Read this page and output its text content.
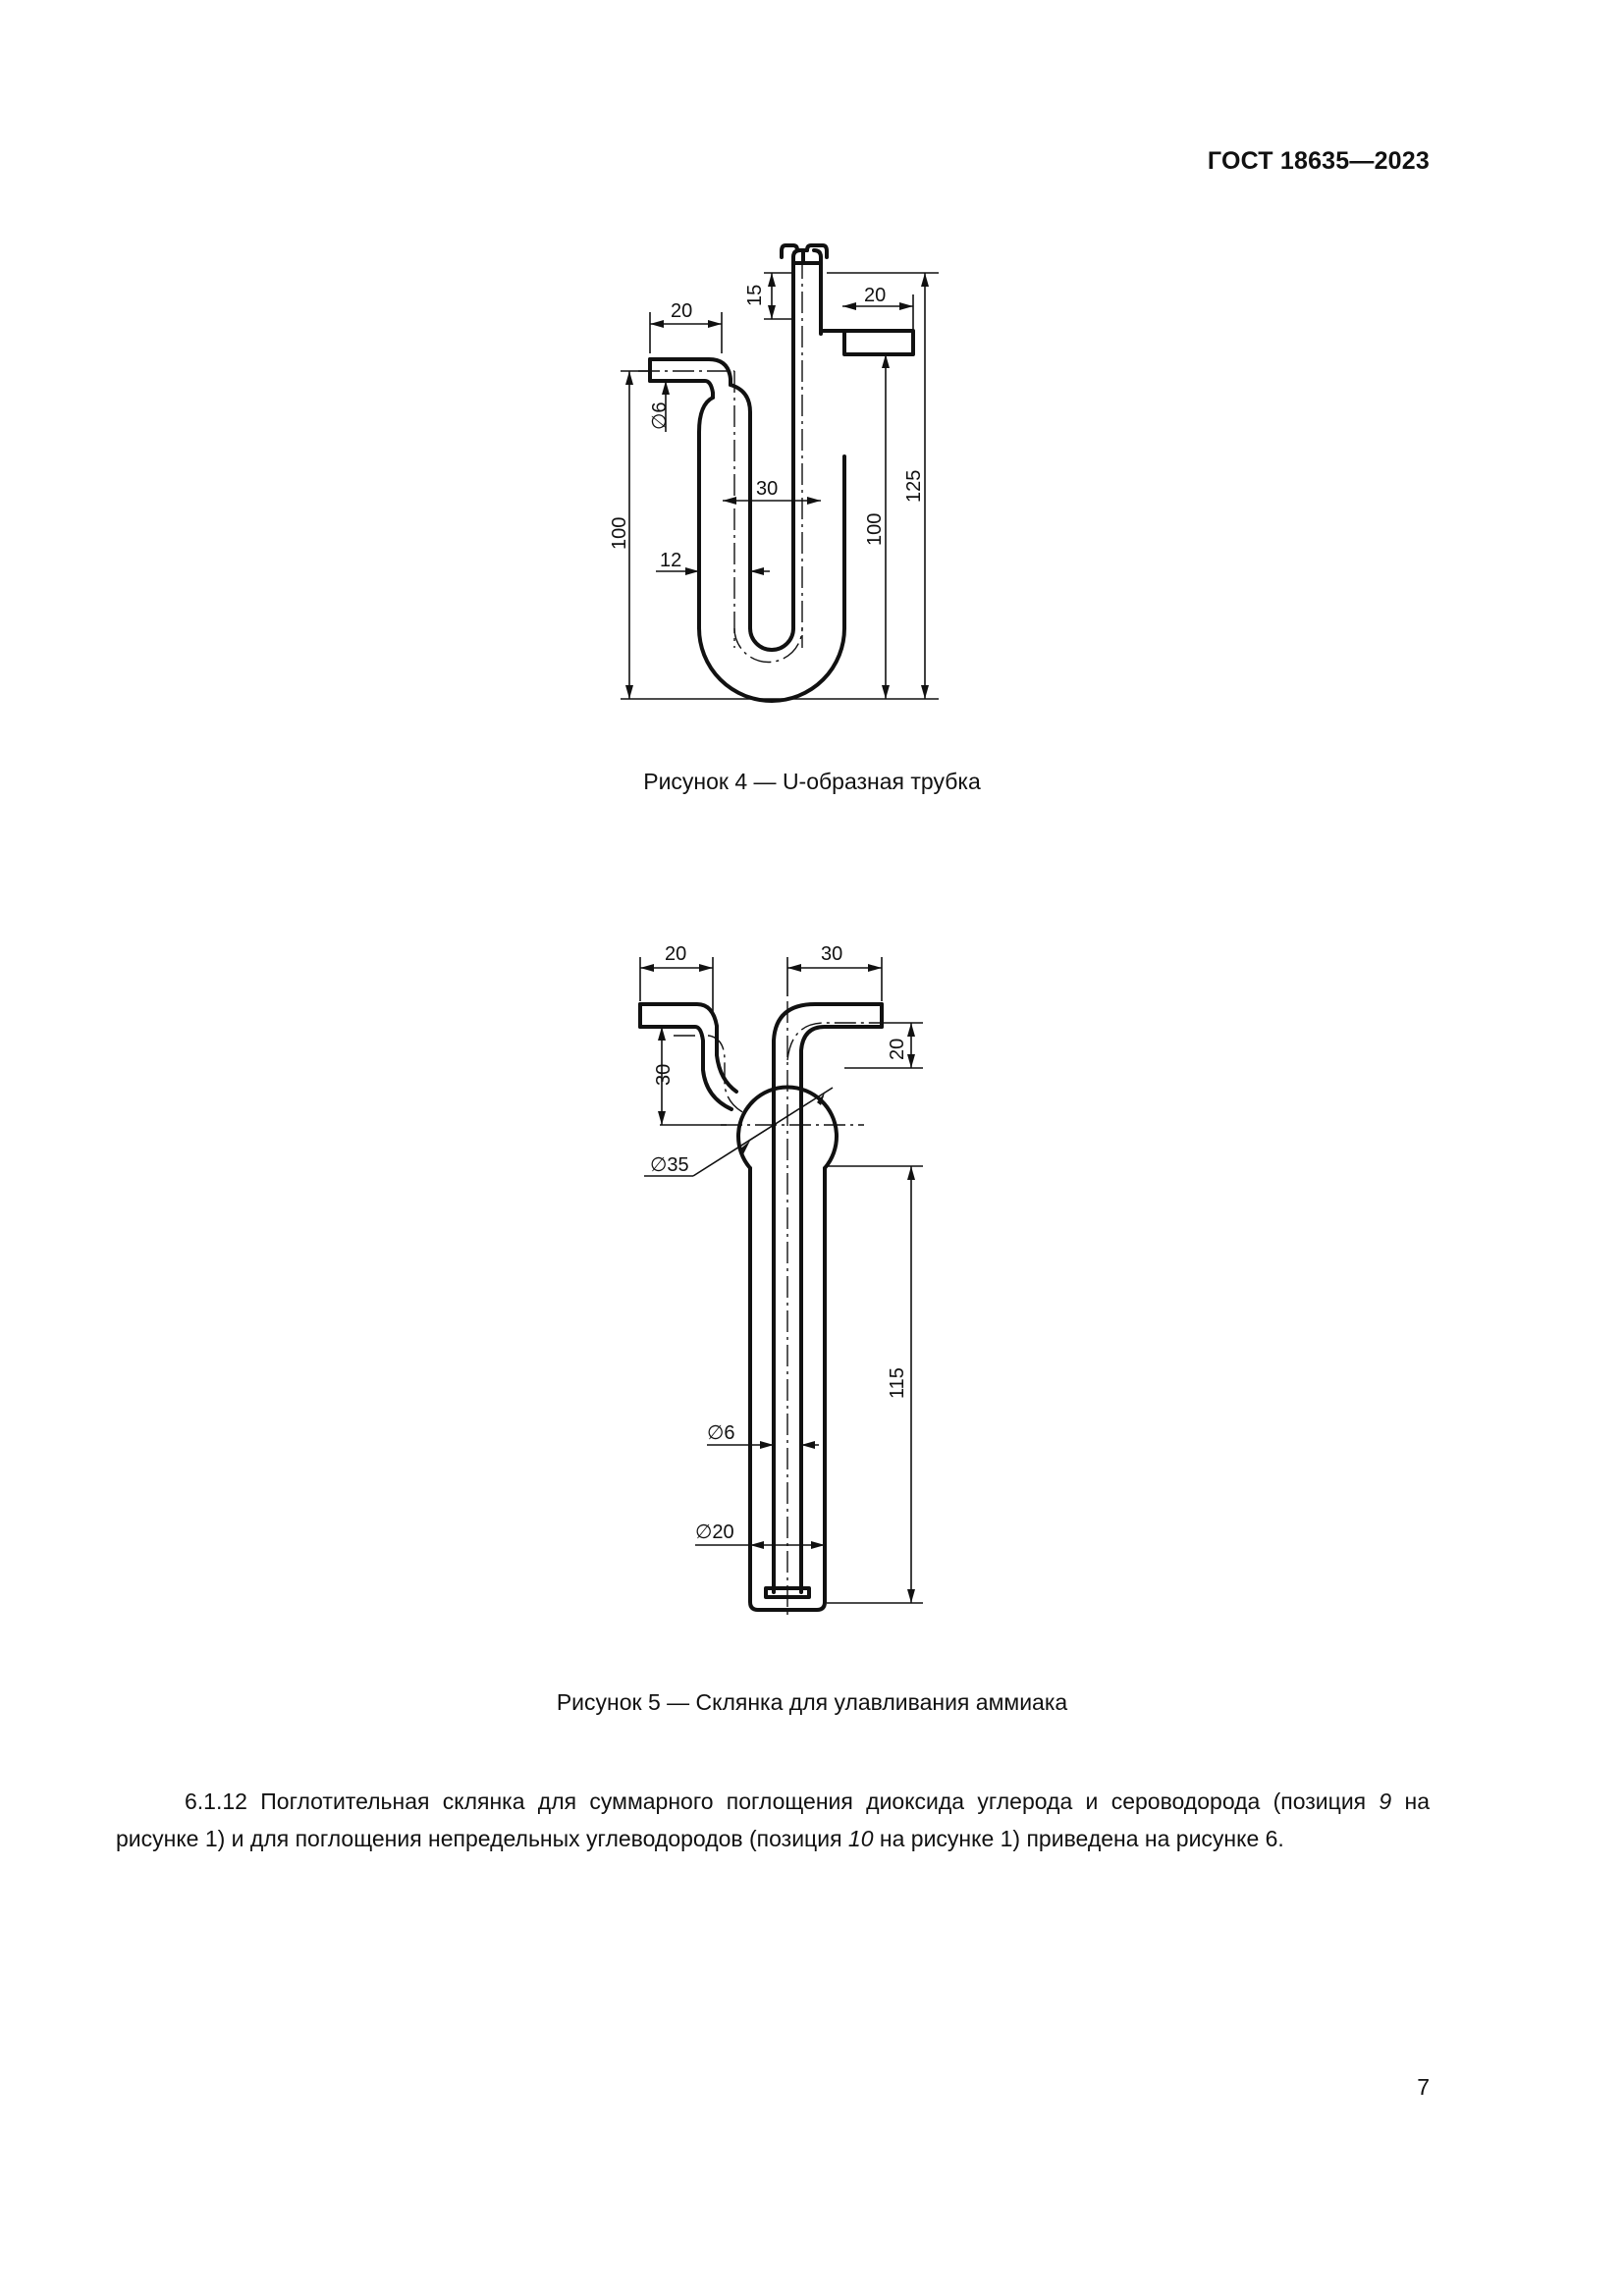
ГОСТ 18635—2023
20
15	20
∅6
30
12
100	100
125
Рисунок 4 — U-образная трубка
20	30
30
20
∅35
115
∅6
∅20
Рисунок 5 — Склянка для улавливания аммиака
6.1.12 Поглотительная склянка для суммарного поглощения диоксида углерода и сероводорода (позиция 9 на рисунке 1) и для поглощения непредельных углеводородов (позиция 10 на рисунке 1) приведена на рисунке 6.
7
